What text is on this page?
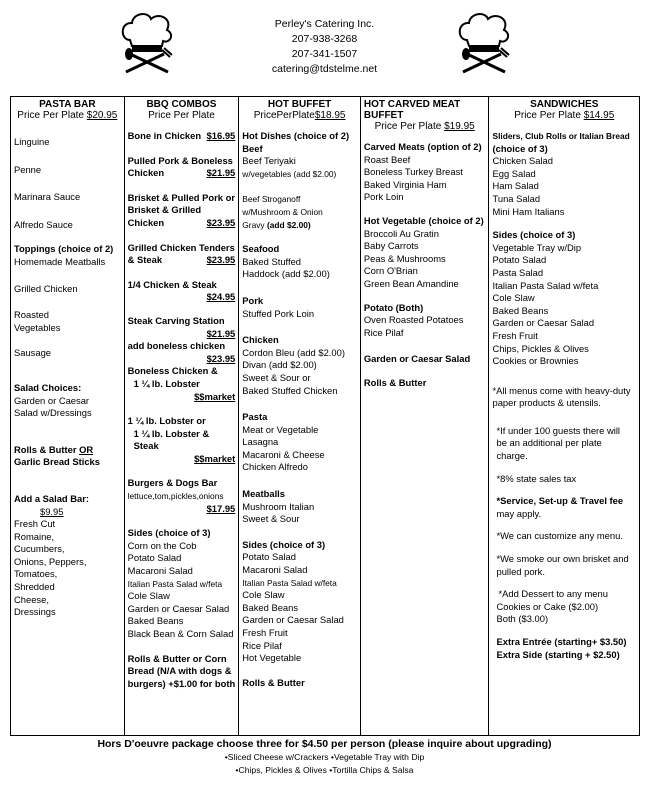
Perley's Catering Inc.
207-938-3268
207-341-1507
catering@tdstelme.net
PASTA BAR
Price Per Plate $20.95
Linguine
Penne
Marinara Sauce
Alfredo Sauce
Toppings (choice of 2)
Homemade Meatballs
Grilled Chicken
Roasted
Vegetables
Sausage
Salad Choices:
Garden or Caesar
Salad w/Dressings
Rolls & Butter OR
Garlic Bread Sticks
Add a Salad Bar:
$9.95
Fresh Cut
Romaine,
Cucumbers,
Onions, Peppers,
Tomatoes,
Shredded
Cheese,
Dressings
BBQ COMBOS
Price Per Plate
Bone in Chicken $16.95
Pulled Pork & Boneless
Chicken	$21.95
Brisket & Pulled Pork or
Brisket & Grilled
Chicken	$23.95
Grilled Chicken Tenders
& Steak	$23.95
1/4 Chicken & Steak
$24.95
Steak Carving Station
$21.95
add boneless chicken
$23.95
Boneless Chicken &
1 ¼ lb. Lobster
$$market
1 ¼ lb. Lobster or
1 ¼ lb. Lobster & Steak
$$market
Burgers & Dogs Bar
lettuce,tom,pickles,onions
$17.95
Sides (choice of 3)
Corn on the Cob
Potato Salad
Macaroni Salad
Italian Pasta Salad w/feta
Cole Slaw
Garden or Caesar Salad
Baked Beans
Black Bean & Corn Salad
Rolls & Butter or Corn
Bread (N/A with dogs &
burgers) +$1.00 for both
HOT BUFFET
PricePerPlate$18.95
Hot Dishes (choice of 2)
Beef
Beef Teriyaki
w/vegetables (add $2.00)
Beef Stroganoff
w/Mushroom & Onion
Gravy (add $2.00)
Seafood
Baked Stuffed
Haddock (add $2.00)
Pork
Stuffed Pork Loin
Chicken
Cordon Bleu (add $2.00)
Divan (add $2.00)
Sweet & Sour or
Baked Stuffed Chicken
Pasta
Meat or Vegetable
Lasagna
Macaroni & Cheese
Chicken Alfredo
Meatballs
Mushroom Italian
Sweet & Sour
Sides (choice of 3)
Potato Salad
Macaroni Salad
Italian Pasta Salad w/feta
Cole Slaw
Baked Beans
Garden or Caesar Salad
Fresh Fruit
Rice Pilaf
Hot Vegetable
Rolls & Butter
HOT CARVED MEAT BUFFET
Price Per Plate $19.95
Carved Meats (option of 2)
Roast Beef
Boneless Turkey Breast
Baked Virginia Ham
Pork Loin
Hot Vegetable (choice of 2)
Broccoli Au Gratin
Baby Carrots
Peas & Mushrooms
Corn O'Brian
Green Bean Amandine
Potato (Both)
Oven Roasted Potatoes
Rice Pilaf
Garden or Caesar Salad
Rolls & Butter
SANDWICHES
Price Per Plate $14.95
Sliders, Club Rolls or Italian Bread
(choice of 3)
Chicken Salad
Egg Salad
Ham Salad
Tuna Salad
Mini Ham Italians
Sides (choice of 3)
Vegetable Tray w/Dip
Potato Salad
Pasta Salad
Italian Pasta Salad w/feta
Cole Slaw
Baked Beans
Garden or Caesar Salad
Fresh Fruit
Chips, Pickles & Olives
Cookies or Brownies
*All menus come with heavy-duty
paper products & utensils.
*If under 100 guests there will
be an additional per plate
charge.
*8% state sales tax
*Service, Set-up & Travel fee
may apply.
*We can customize any menu.
*We smoke our own brisket and
pulled pork.
*Add Dessert to any menu
Cookies or Cake ($2.00)
Both ($3.00)
Extra Entrée (starting+ $3.50)
Extra Side (starting + $2.50)
Hors D'oeuvre package choose three for $4.50 per person (please inquire about upgrading)
•Sliced Cheese w/Crackers •Vegetable Tray with Dip
•Chips, Pickles & Olives •Tortilla Chips & Salsa
